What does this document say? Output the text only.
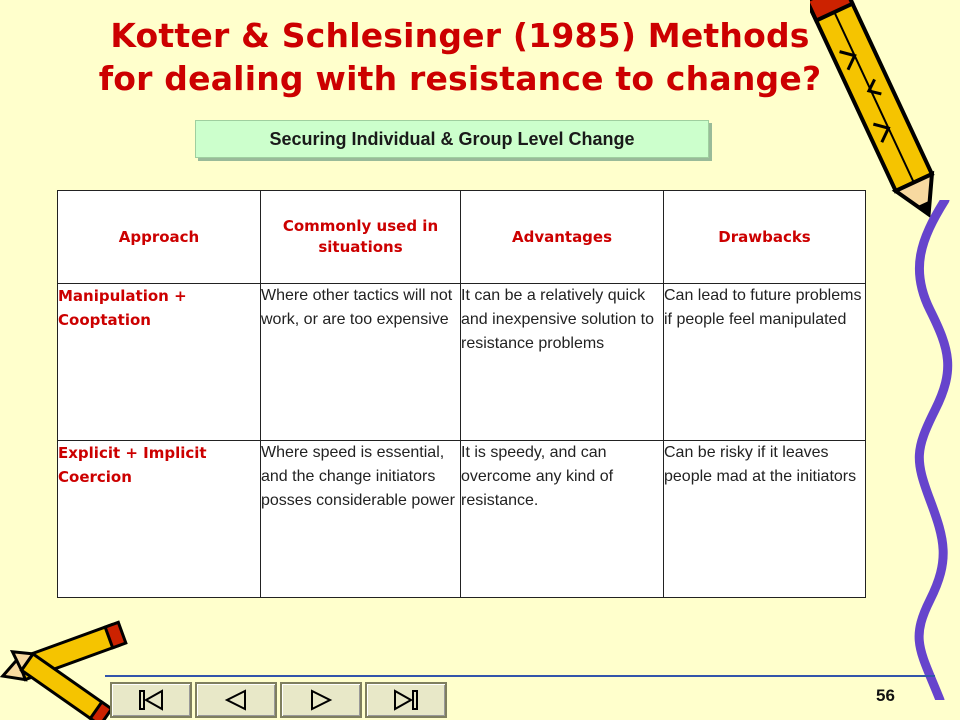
Kotter & Schlesinger (1985) Methods
for dealing with resistance to change?
Securing Individual & Group Level Change
Approach	Commonly used in situations	Advantages	Drawbacks

Manipulation + Cooptation	Where other tactics will not work, or are too expensive	It can be a relatively quick and inexpensive solution to resistance problems	Can lead to future problems if people feel manipulated
Explicit + Implicit Coercion	Where speed is essential, and the change initiators posses considerable power	It is speedy, and can overcome any kind of resistance.	Can be risky if it leaves people mad at the initiators
56
